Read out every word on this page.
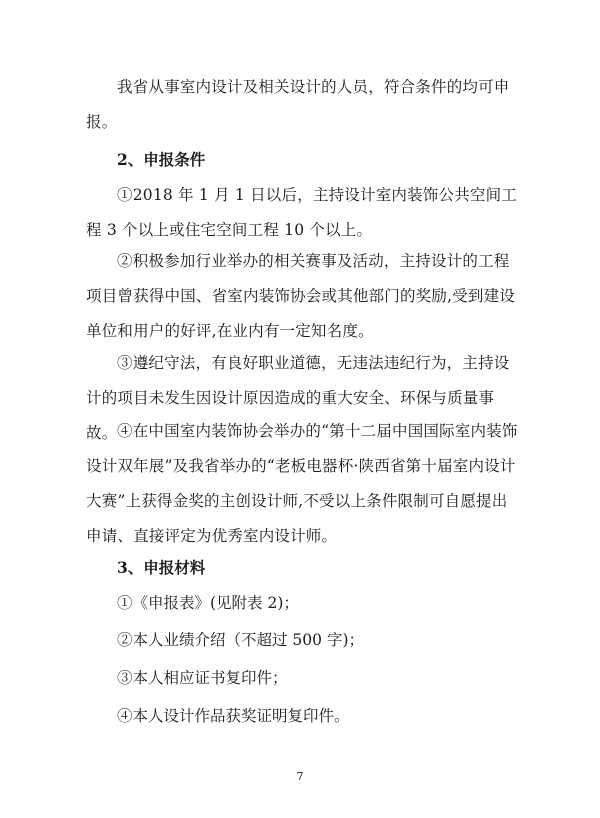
我省从事室内设计及相关设计的人员，符合条件的均可申报。

2、申报条件

①2018 年 1 月 1 日以后，主持设计室内装饰公共空间工程 3 个以上或住宅空间工程 10 个以上。

②积极参加行业举办的相关赛事及活动，主持设计的工程项目曾获得中国、省室内装饰协会或其他部门的奖励,受到建设单位和用户的好评,在业内有一定知名度。

③遵纪守法，有良好职业道德，无违法违纪行为，主持设计的项目未发生因设计原因造成的重大安全、环保与质量事故。 ④在中国室内装饰协会举办的“第十二届中国国际室内装饰设计双年展”及我省举办的“老板电器杯·陕西省第十届室内设计大赛”上获得金奖的主创设计师,不受以上条件限制可自愿提出申请、直接评定为优秀室内设计师。

3、申报材料

①《申报表》(见附表 2)；

②本人业绩介绍（不超过 500 字)；

③本人相应证书复印件；

④本人设计作品获奖证明复印件。

7
